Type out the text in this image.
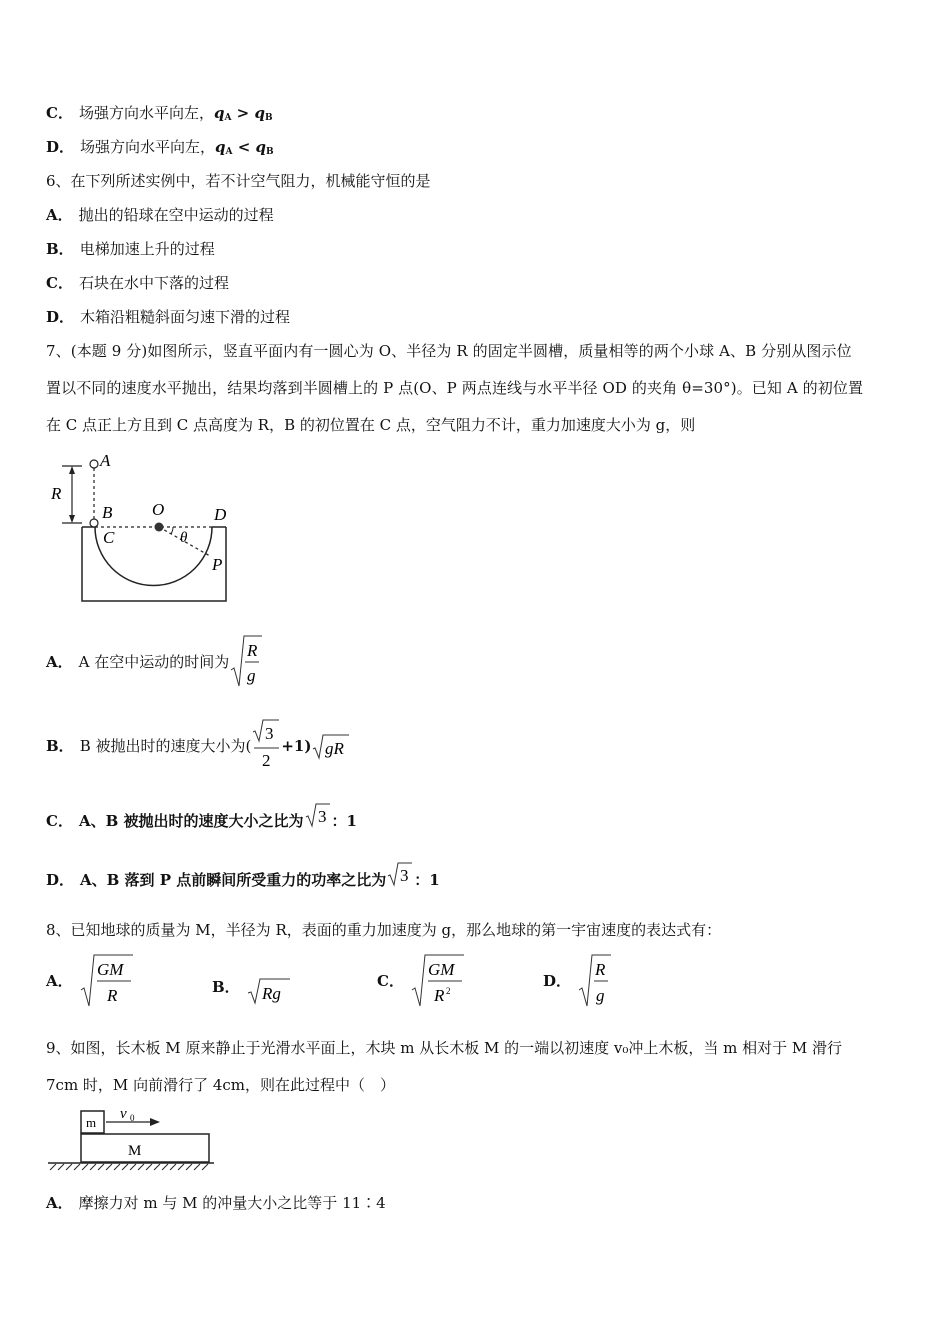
C． 场强方向水平向左，$q_A > q_B$
D． 场强方向水平向左，$q_A < q_B$
6、在下列所述实例中，若不计空气阻力，机械能守恒的是
A． 抛出的铅球在空中运动的过程
B． 电梯加速上升的过程
C． 石块在水中下落的过程
D． 木箱沿粗糙斜面匀速下滑的过程
7、(本题 9 分)如图所示，竖直平面内有一圆心为 O、半径为 R 的固定半圆槽，质量相等的两个小球 A、B 分别从图示位
置以不同的速度水平抛出，结果均落到半圆槽上的 P 点(O、P 两点连线与水平半径 OD 的夹角 θ=30°)。已知 A 的初位置
在 C 点正上方且到 C 点高度为 R，B 的初位置在 C 点，空气阻力不计，重力加速度大小为 g，则
A
R
B
C
O	D
θ
P
A． A 在空中运动的时间为
R
g
B． B 被抛出时的速度大小为(
3
2
+1) gR
C． A、B 被抛出时的速度大小之比为 3 ：1
D． A、B 落到 P 点前瞬间所受重力的功率之比为 3 ：1
8、已知地球的质量为 M，半径为 R，表面的重力加速度为 g，那么地球的第一宇宙速度的表达式有：
A．
GM
R	B． Rg
C．
GM
R 2
D．
R
g
9、如图，长木板 M 原来静止于光滑水平面上，木块 m 从长木板 M 的一端以初速度 v₀冲上木板，当 m 相对于 M 滑行
7cm 时，M 向前滑行了 4cm，则在此过程中（　）
m
v 0
M
A． 摩擦力对 m 与 M 的冲量大小之比等于 11∶4
